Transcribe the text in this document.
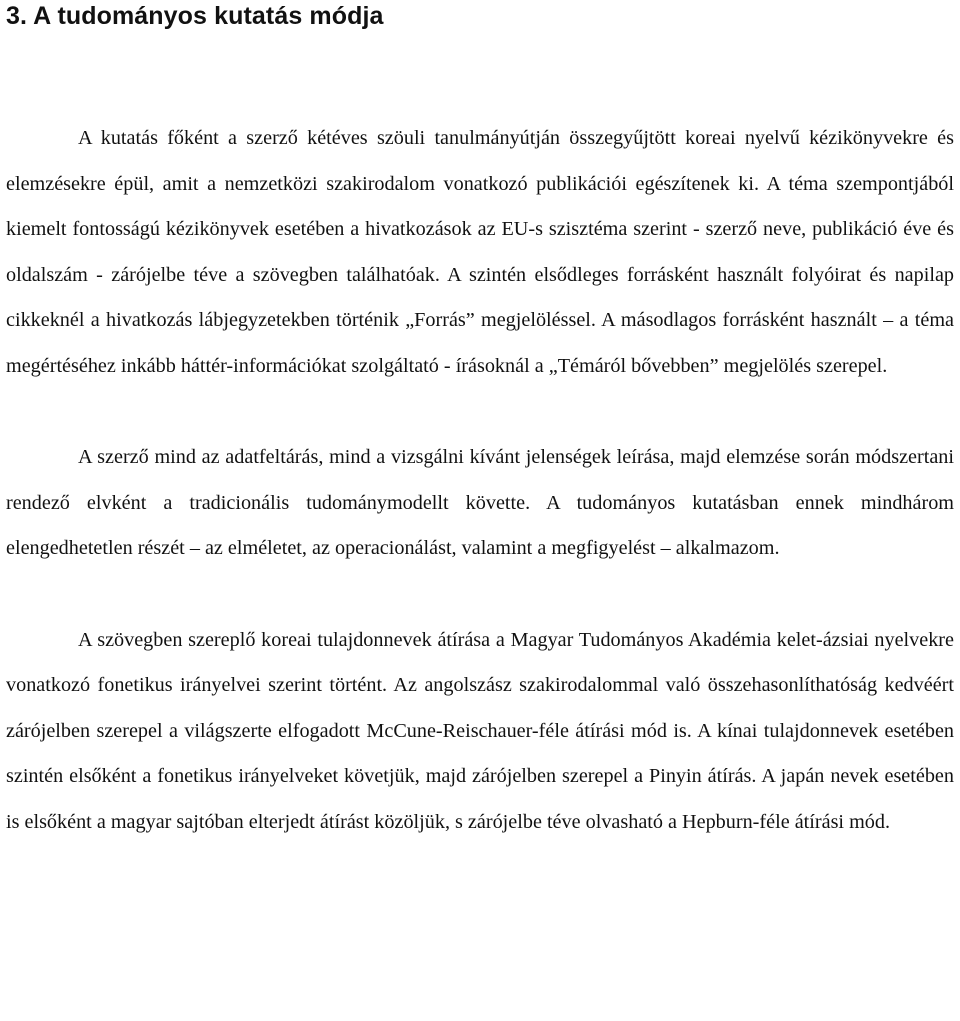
3. A tudományos kutatás módja

A kutatás főként a szerző kétéves szöuli tanulmányútján összegyűjtött koreai nyelvű kézikönyvekre és elemzésekre épül, amit a nemzetközi szakirodalom vonatkozó publikációi egészítenek ki. A téma szempontjából kiemelt fontosságú kézikönyvek esetében a hivatkozások az EU-s szisztéma szerint - szerző neve, publikáció éve és oldalszám - zárójelbe téve a szövegben találhatóak. A szintén elsődleges forrásként használt folyóirat és napilap cikkeknél a hivatkozás lábjegyzetekben történik „Forrás” megjelöléssel. A másodlagos forrásként használt – a téma megértéséhez inkább háttér-információkat szolgáltató - írásoknál a „Témáról bővebben” megjelölés szerepel.

A szerző mind az adatfeltárás, mind a vizsgálni kívánt jelenségek leírása, majd elemzése során módszertani rendező elvként a tradicionális tudománymodellt követte. A tudományos kutatásban ennek mindhárom elengedhetetlen részét – az elméletet, az operacionálást, valamint a megfigyelést – alkalmazom.

A szövegben szereplő koreai tulajdonnevek átírása a Magyar Tudományos Akadémia kelet-ázsiai nyelvekre vonatkozó fonetikus irányelvei szerint történt. Az angolszász szakirodalommal való összehasonlíthatóság kedvéért zárójelben szerepel a világszerte elfogadott McCune-Reischauer-féle átírási mód is. A kínai tulajdonnevek esetében szintén elsőként a fonetikus irányelveket követjük, majd zárójelben szerepel a Pinyin átírás. A japán nevek esetében is elsőként a magyar sajtóban elterjedt átírást közöljük, s zárójelbe téve olvasható a Hepburn-féle átírási mód.
